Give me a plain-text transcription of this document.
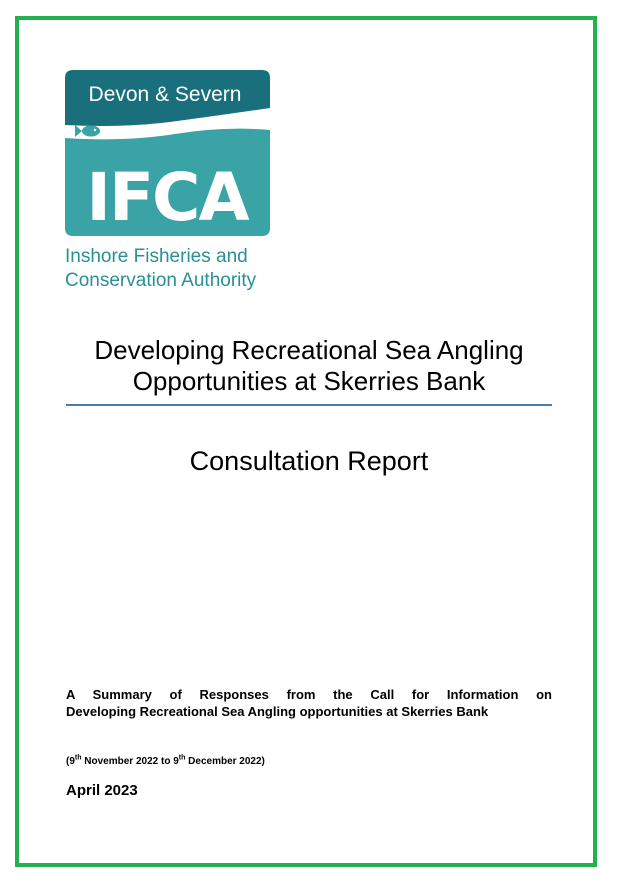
Devon & Severn
IFCA
Inshore Fisheries and
Conservation Authority
Developing Recreational Sea Angling
Opportunities at Skerries Bank
Consultation Report
A Summary of Responses from the Call for Information on
Developing Recreational Sea Angling opportunities at Skerries Bank
(9th November 2022 to 9th December 2022)
April 2023
